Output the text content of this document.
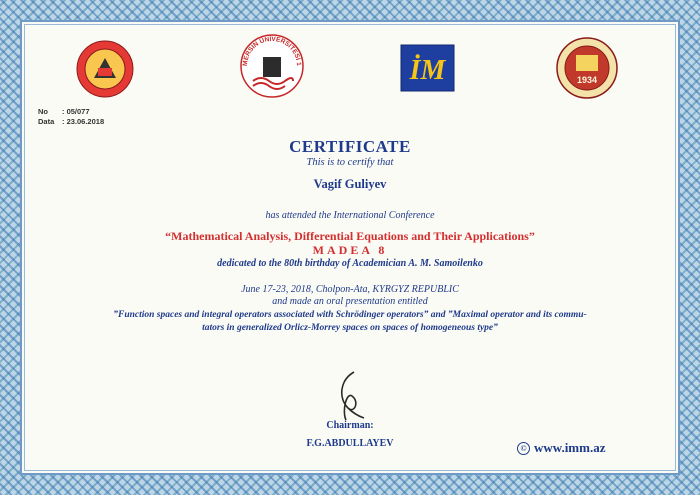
MERSIN ÜNİVERSİTESİ 1	İM	1934
No : 05/077
Data : 23.06.2018
CERTIFICATE
This is to certify that
Vagif Guliyev
has attended the International Conference
“Mathematical Analysis, Differential Equations and Their Applications”
MADEA 8
dedicated to the 80th birthday of Academician A. M. Samoilenko
June 17-23, 2018, Cholpon-Ata, KYRGYZ REPUBLIC
and made an oral presentation entitled
”Function spaces and integral operators associated with Schrödinger operators” and ”Maximal operator and its commu-
tators in generalized Orlicz-Morrey spaces on spaces of homogeneous type”
Chairman:
F.G.ABDULLAYEV	© www.imm.az
